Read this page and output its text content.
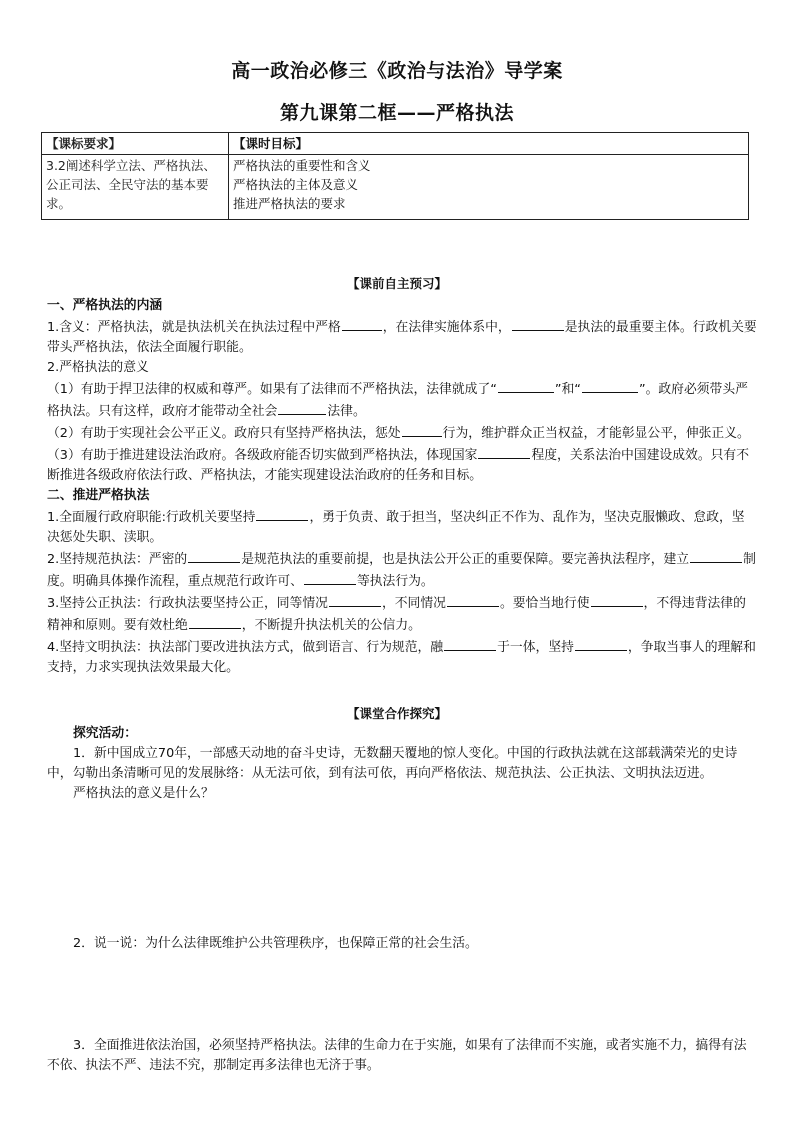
高一政治必修三《政治与法治》导学案
第九课第二框——严格执法
【课标要求】	【课时目标】
3.2阐述科学立法、严格执法、公正司法、全民守法的基本要求。	严格执法的重要性和含义
严格执法的主体及意义
推进严格执法的要求
【课前自主预习】

一、严格执法的内涵

1.含义：严格执法，就是执法机关在执法过程中严格	，在法律实施体系中，	是执法的最重要主体。行政机关要带头严格执法，依法全面履行职能。

2.严格执法的意义

（1）有助于捍卫法律的权威和尊严。如果有了法律而不严格执法，法律就成了“	”和“	”。政府必须带头严格执法。只有这样，政府才能带动全社会	法律。

（2）有助于实现社会公平正义。政府只有坚持严格执法，惩处	行为，维护群众正当权益，才能彰显公平，伸张正义。

（3）有助于推进建设法治政府。各级政府能否切实做到严格执法，体现国家	程度，关系法治中国建设成效。只有不断推进各级政府依法行政、严格执法，才能实现建设法治政府的任务和目标。

二、推进严格执法

1.全面履行政府职能:行政机关要坚持	，勇于负责、敢于担当，坚决纠正不作为、乱作为，坚决克服懒政、怠政，坚决惩处失职、渎职。

2.坚持规范执法：严密的	是规范执法的重要前提，也是执法公开公正的重要保障。要完善执法程序，建立	制度。明确具体操作流程，重点规范行政许可、	等执法行为。

3.坚持公正执法：行政执法要坚持公正，同等情况	，不同情况	。要恰当地行使	，不得违背法律的精神和原则。要有效杜绝	，不断提升执法机关的公信力。

4.坚持文明执法：执法部门要改进执法方式，做到语言、行为规范，融	于一体，坚持	，争取当事人的理解和支持，力求实现执法效果最大化。

【课堂合作探究】

探究活动：

1．新中国成立70年，一部感天动地的奋斗史诗，无数翻天覆地的惊人变化。中国的行政执法就在这部载满荣光的史诗中，勾勒出条清晰可见的发展脉络：从无法可依，到有法可依，再向严格依法、规范执法、公正执法、文明执法迈进。

严格执法的意义是什么？

2．说一说：为什么法律既维护公共管理秩序，也保障正常的社会生活。

3．全面推进依法治国，必须坚持严格执法。法律的生命力在于实施，如果有了法律而不实施，或者实施不力，搞得有法不依、执法不严、违法不究，那制定再多法律也无济于事。
